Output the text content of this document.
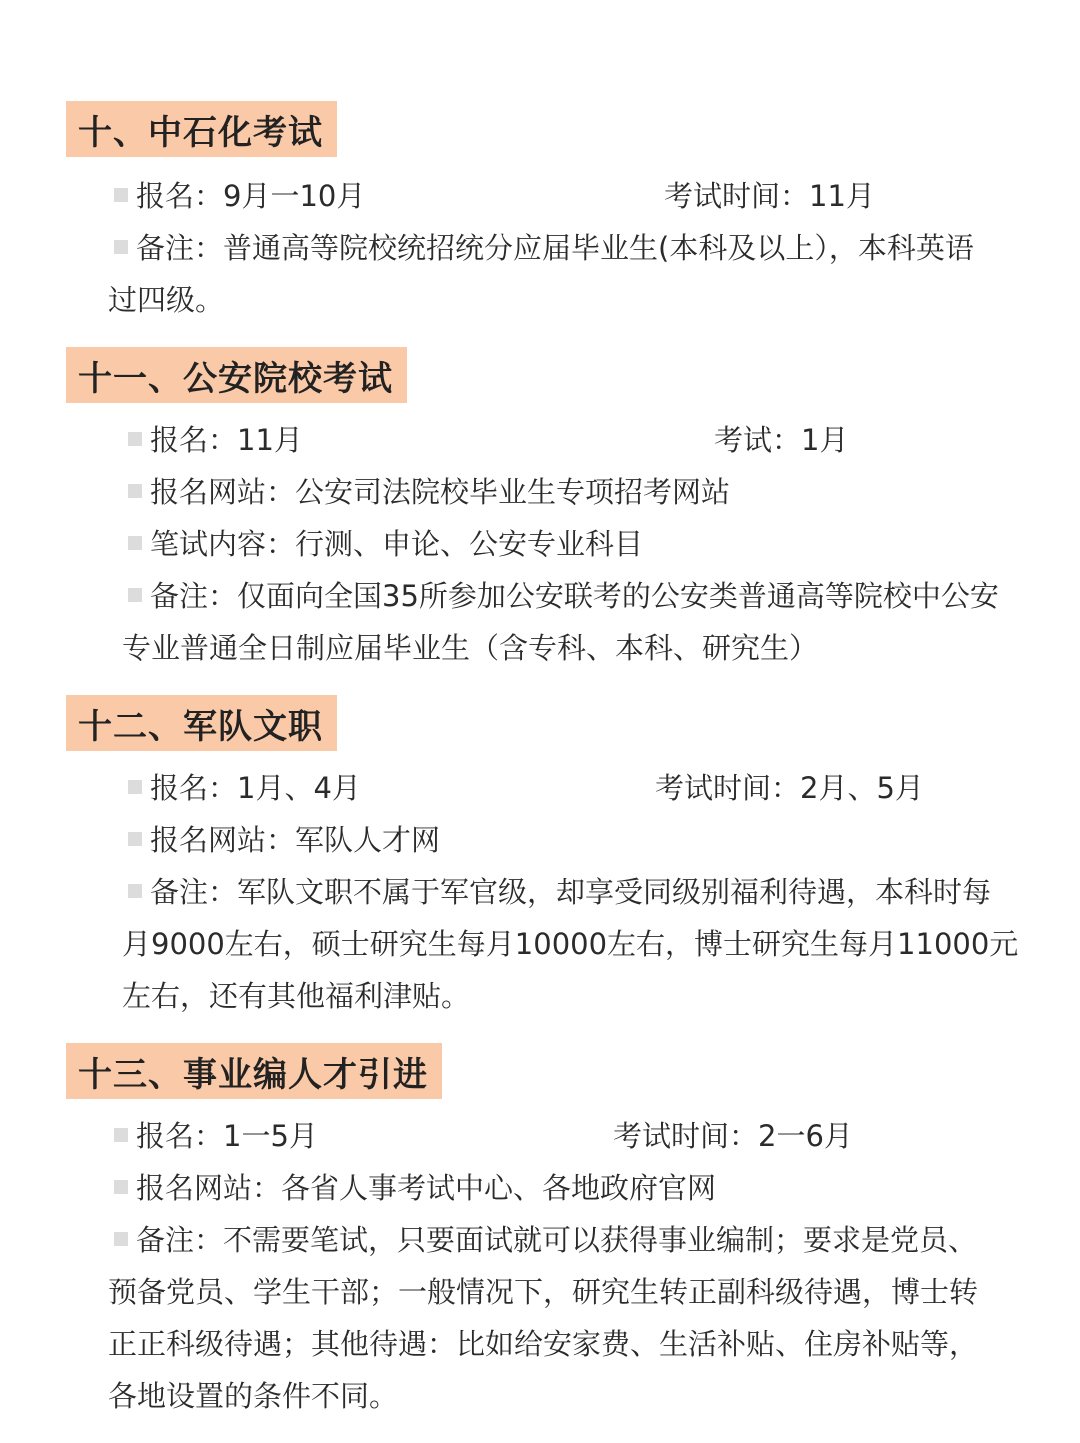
十、中石化考试
报名：9月一10月	考试时间：11月
备注：普通高等院校统招统分应届毕业生(本科及以上），本科英语
过四级。
十一、公安院校考试
报名：11月	考试：1月
报名网站：公安司法院校毕业生专项招考网站
笔试内容：行测、申论、公安专业科目
备注：仅面向全国35所参加公安联考的公安类普通高等院校中公安
专业普通全日制应届毕业生（含专科、本科、研究生）
十二、军队文职
报名：1月、4月	考试时间：2月、5月
报名网站：军队人才网
备注：军队文职不属于军官级，却享受同级别福利待遇，本科时每
月9000左右，硕士研究生每月10000左右，博士研究生每月11000元
左右，还有其他福利津贴。
十三、事业编人才引进
报名：1一5月	考试时间：2一6月
报名网站：各省人事考试中心、各地政府官网
备注：不需要笔试，只要面试就可以获得事业编制；要求是党员、
预备党员、学生干部；一般情况下，研究生转正副科级待遇，博士转
正正科级待遇；其他待遇：比如给安家费、生活补贴、住房补贴等，
各地设置的条件不同。
